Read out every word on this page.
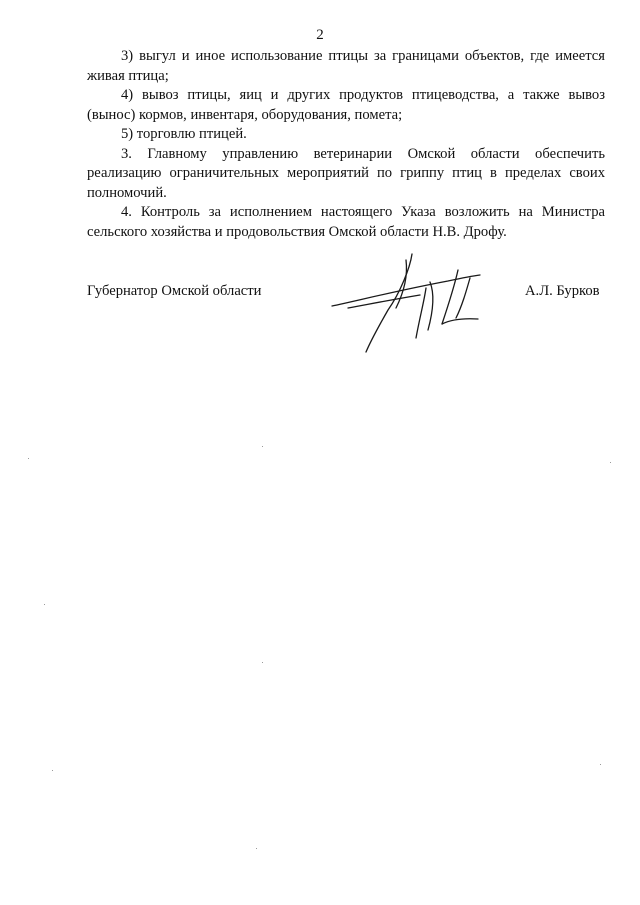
2

3) выгул и иное использование птицы за границами объектов, где имеется живая птица;

4) вывоз птицы, яиц и других продуктов птицеводства, а также вывоз (вынос) кормов, инвентаря, оборудования, помета;

5) торговлю птицей.

3. Главному управлению ветеринарии Омской области обеспечить реализацию ограничительных мероприятий по гриппу птиц в пределах своих полномочий.

4. Контроль за исполнением настоящего Указа возложить на Министра сельского хозяйства и продовольствия Омской области Н.В. Дрофу.

Губернатор Омской области	А.Л. Бурков
